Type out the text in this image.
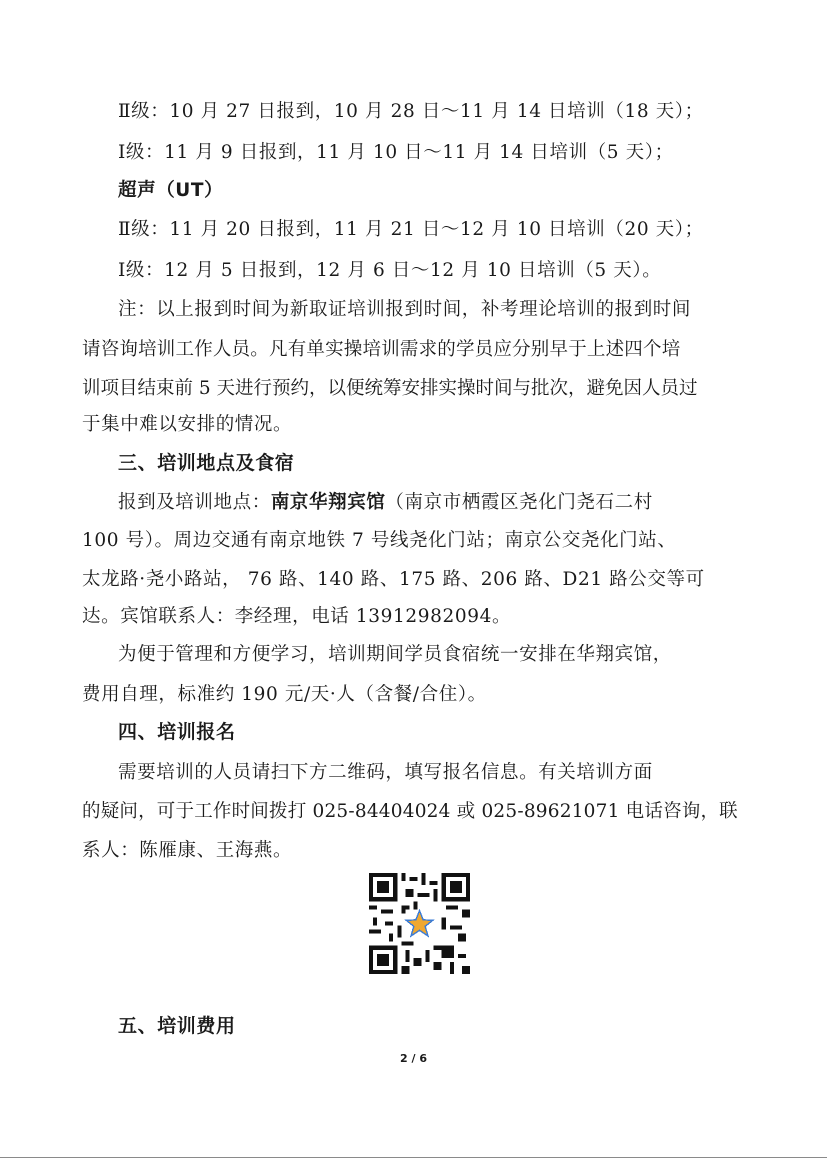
Ⅱ级：10 月 27 日报到，10 月 28 日～11 月 14 日培训（18 天）；
Ⅰ级：11 月 9 日报到，11 月 10 日～11 月 14 日培训（5 天）；
超声（UT）
Ⅱ级：11 月 20 日报到，11 月 21 日～12 月 10 日培训（20 天）；
Ⅰ级：12 月 5 日报到，12 月 6 日～12 月 10 日培训（5 天）。
注：以上报到时间为新取证培训报到时间，补考理论培训的报到时间
请咨询培训工作人员。凡有单实操培训需求的学员应分别早于上述四个培
训项目结束前 5 天进行预约，以便统筹安排实操时间与批次，避免因人员过
于集中难以安排的情况。
三、培训地点及食宿
报到及培训地点：南京华翔宾馆（南京市栖霞区尧化门尧石二村
100 号）。周边交通有南京地铁 7 号线尧化门站；南京公交尧化门站、
太龙路·尧小路站， 76 路、140 路、175 路、206 路、D21 路公交等可
达。宾馆联系人：李经理，电话 13912982094。
为便于管理和方便学习，培训期间学员食宿统一安排在华翔宾馆，
费用自理，标准约 190 元/天·人（含餐/合住）。
四、培训报名
需要培训的人员请扫下方二维码，填写报名信息。有关培训方面
的疑问，可于工作时间拨打 025-84404024 或 025-89621071 电话咨询，联
系人：陈雁康、王海燕。
五、培训费用
2 / 6
